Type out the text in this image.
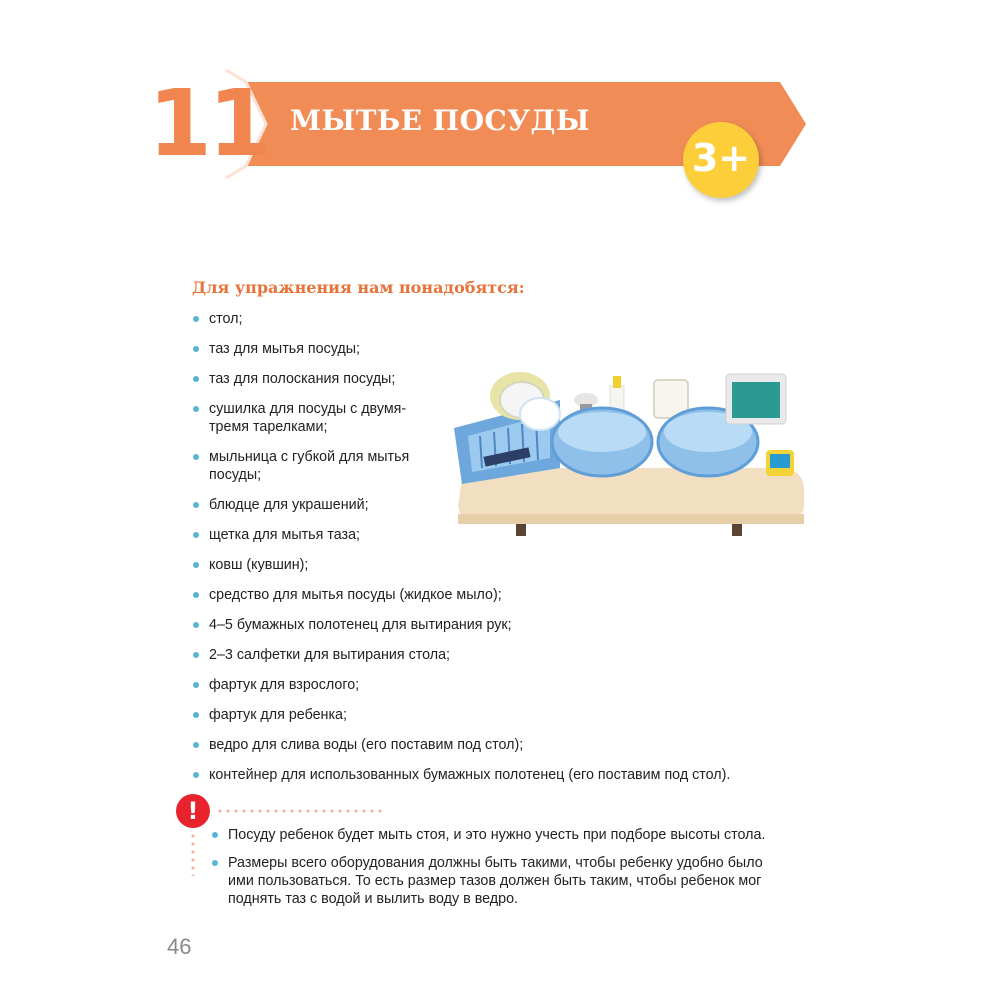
11 МЫТЬЕ ПОСУДЫ
3+
Для упражнения нам понадобятся:
стол;
таз для мытья посуды;
таз для полоскания посуды;
сушилка для посуды с двумя-
тремя тарелками;
мыльница с губкой для мытья
посуды;
блюдце для украшений;
щетка для мытья таза;
ковш (кувшин);
средство для мытья посуды (жидкое мыло);
4–5 бумажных полотенец для вытирания рук;
2–3 салфетки для вытирания стола;
фартук для взрослого;
фартук для ребенка;
ведро для слива воды (его поставим под стол);
контейнер для использованных бумажных полотенец (его поставим под стол).
!
Посуду ребенок будет мыть стоя, и это нужно учесть при подборе высоты стола.
Размеры всего оборудования должны быть такими, чтобы ребенку удобно было
ими пользоваться. То есть размер тазов должен быть таким, чтобы ребенок мог
поднять таз с водой и вылить воду в ведро.
46
